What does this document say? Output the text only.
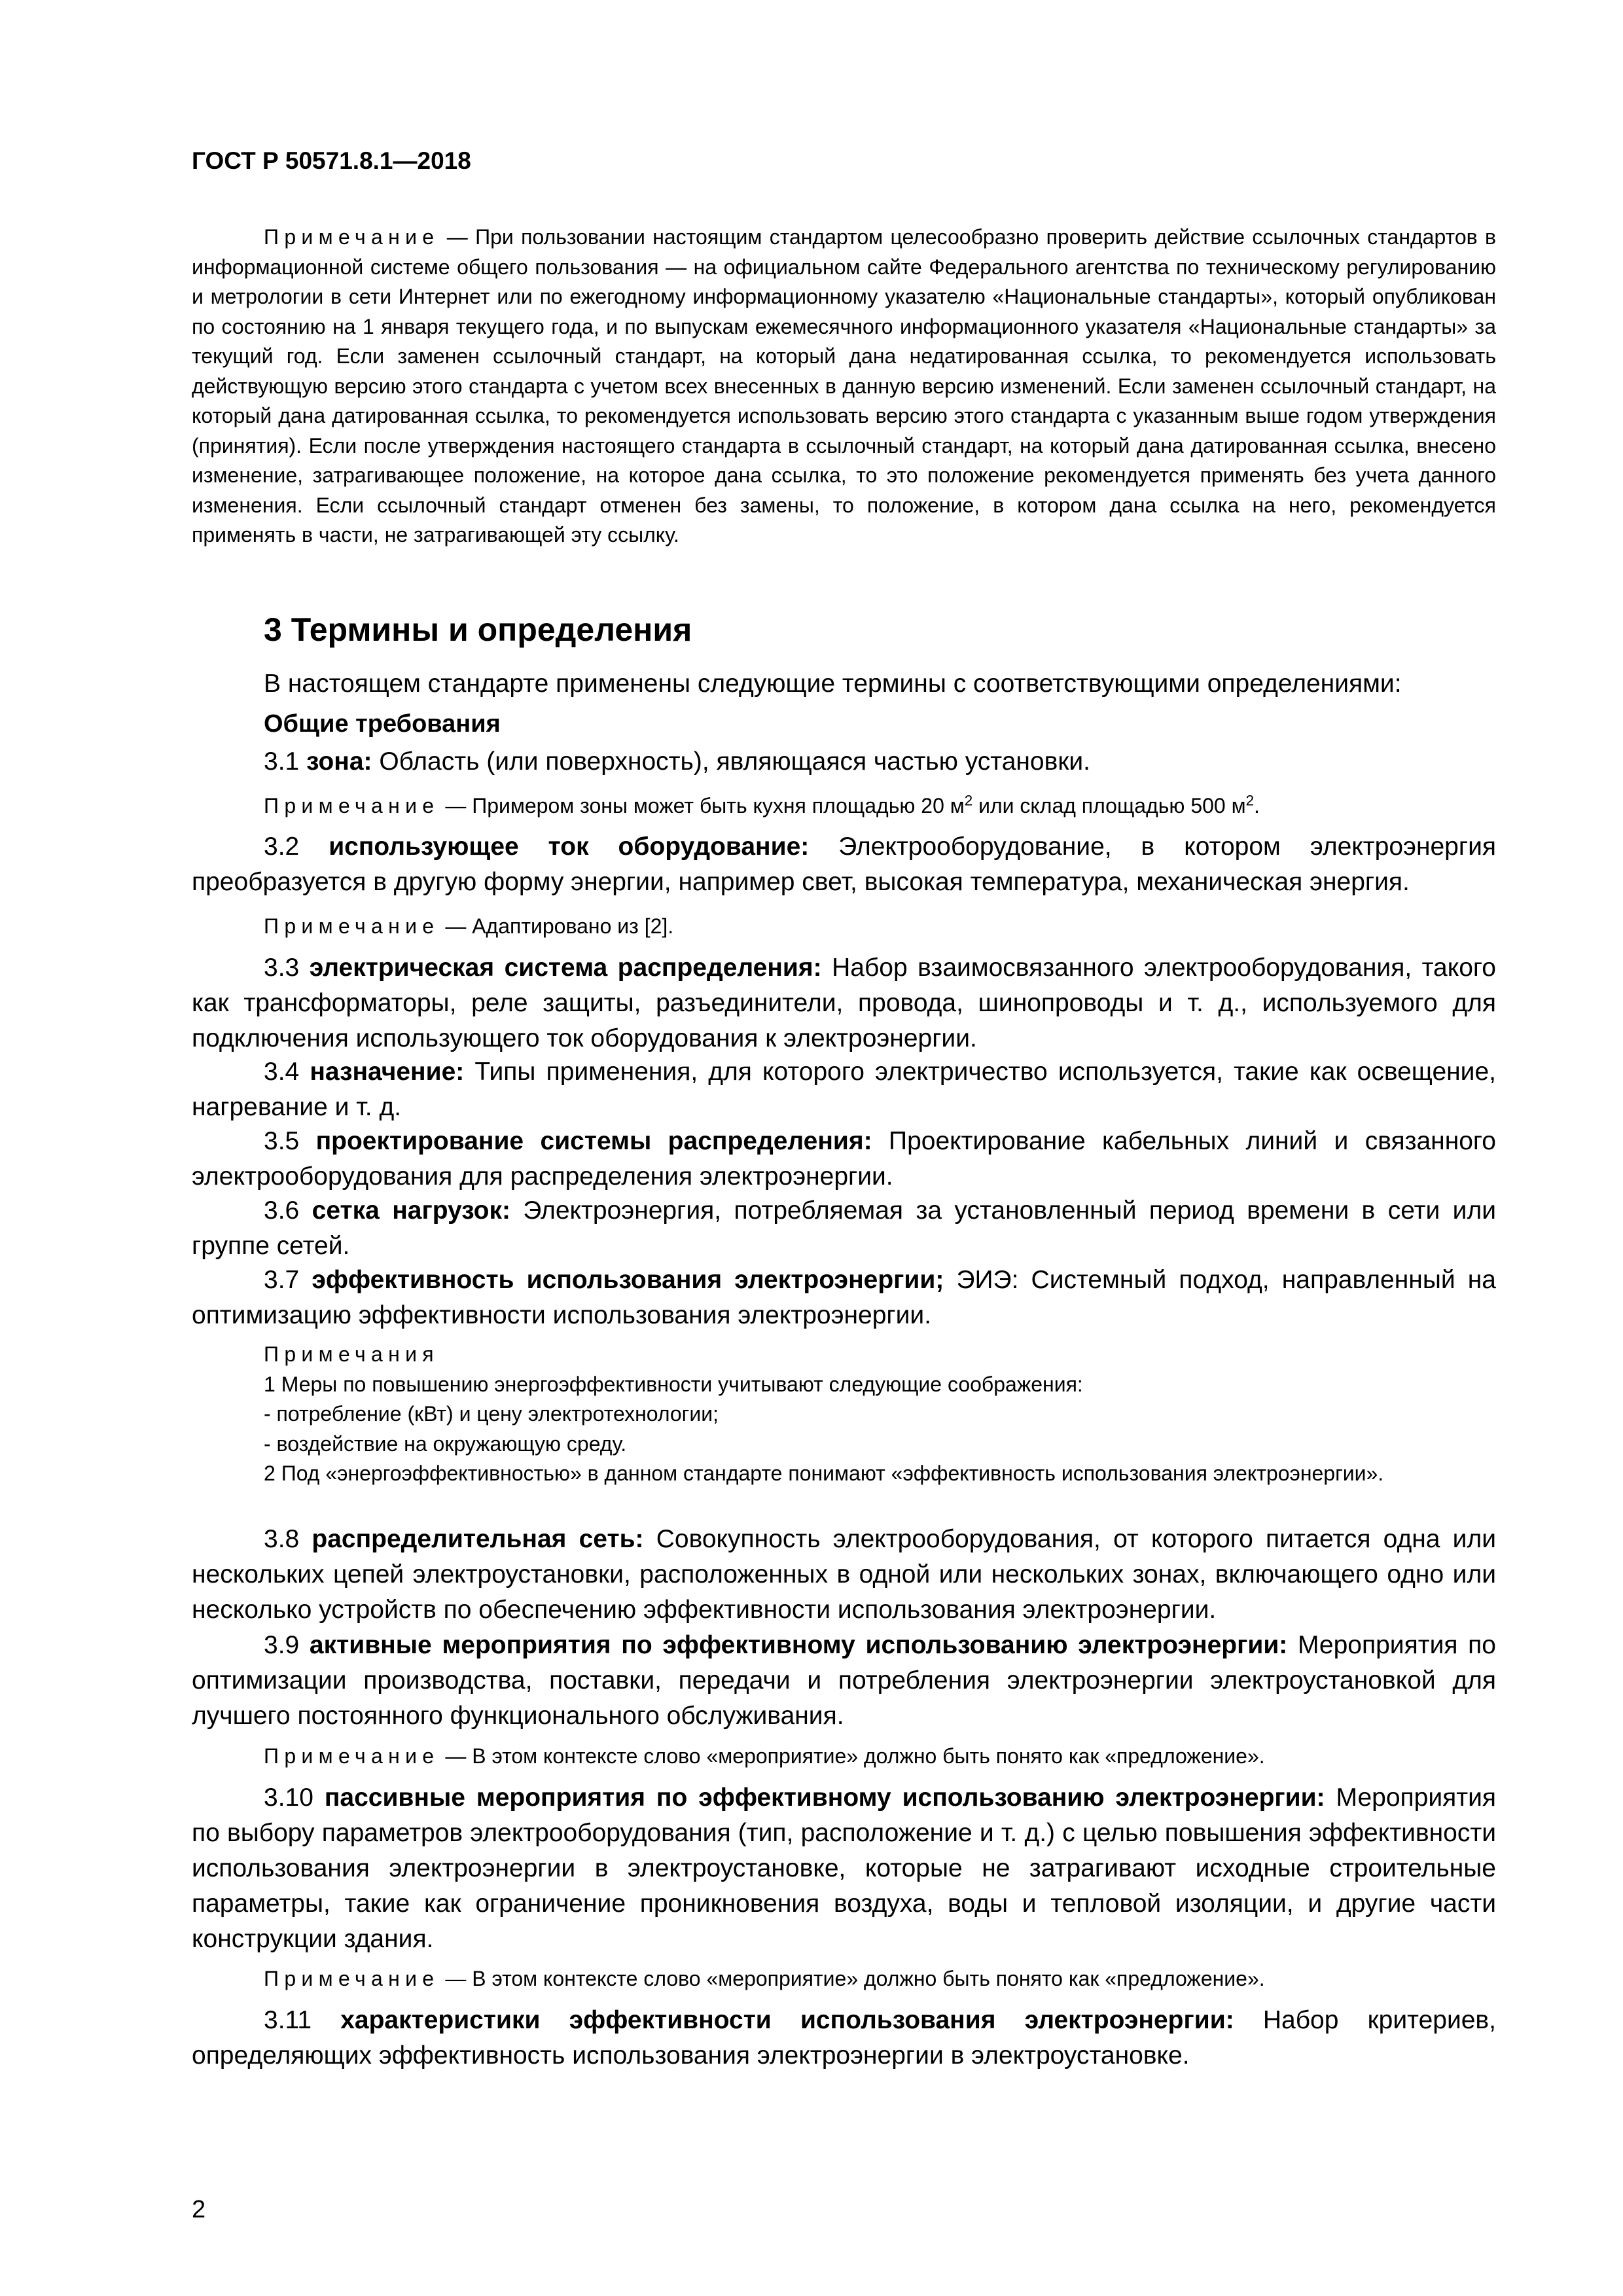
ГОСТ Р 50571.8.1—2018

Примечание — При пользовании настоящим стандартом целесообразно проверить действие ссылочных стандартов в информационной системе общего пользования — на официальном сайте Федерального агентства по техническому регулированию и метрологии в сети Интернет или по ежегодному информационному указателю «Национальные стандарты», который опубликован по состоянию на 1 января текущего года, и по выпускам ежемесячного информационного указателя «Национальные стандарты» за текущий год. Если заменен ссылочный стандарт, на который дана недатированная ссылка, то рекомендуется использовать действующую версию этого стандарта с учетом всех внесенных в данную версию изменений. Если заменен ссылочный стандарт, на который дана датированная ссылка, то рекомендуется использовать версию этого стандарта с указанным выше годом утверждения (принятия). Если после утверждения настоящего стандарта в ссылочный стандарт, на который дана датированная ссылка, внесено изменение, затрагивающее положение, на которое дана ссылка, то это положение рекомендуется применять без учета данного изменения. Если ссылочный стандарт отменен без замены, то положение, в котором дана ссылка на него, рекомендуется применять в части, не затрагивающей эту ссылку.

3 Термины и определения
В настоящем стандарте применены следующие термины с соответствующими определениями:
Общие требования
3.1 зона: Область (или поверхность), являющаяся частью установки.
Примечание — Примером зоны может быть кухня площадью 20 $м^2$ или склад площадью 500 $м^2$.

3.2 использующее ток оборудование: Электрооборудование, в котором электроэнергия преобразуется в другую форму энергии, например свет, высокая температура, механическая энергия.

Примечание — Адаптировано из [2].

3.3 электрическая система распределения: Набор взаимосвязанного электрооборудования, такого как трансформаторы, реле защиты, разъединители, провода, шинопроводы и т. д., используемого для подключения использующего ток оборудования к электроэнергии.

3.4 назначение: Типы применения, для которого электричество используется, такие как освещение, нагревание и т. д.

3.5 проектирование системы распределения: Проектирование кабельных линий и связанного электрооборудования для распределения электроэнергии.

3.6 сетка нагрузок: Электроэнергия, потребляемая за установленный период времени в сети или группе сетей.

3.7 эффективность использования электроэнергии; ЭИЭ: Системный подход, направленный на оптимизацию эффективности использования электроэнергии.

Примечания

1 Меры по повышению энергоэффективности учитывают следующие соображения:

- потребление (кВт) и цену электротехнологии;

- воздействие на окружающую среду.

2 Под «энергоэффективностью» в данном стандарте понимают «эффективность использования электроэнергии».

3.8 распределительная сеть: Совокупность электрооборудования, от которого питается одна или нескольких цепей электроустановки, расположенных в одной или нескольких зонах, включающего одно или несколько устройств по обеспечению эффективности использования электроэнергии.

3.9 активные мероприятия по эффективному использованию электроэнергии: Мероприятия по оптимизации производства, поставки, передачи и потребления электроэнергии электроустановкой для лучшего постоянного функционального обслуживания.

Примечание — В этом контексте слово «мероприятие» должно быть понято как «предложение».

3.10 пассивные мероприятия по эффективному использованию электроэнергии: Мероприятия по выбору параметров электрооборудования (тип, расположение и т. д.) с целью повышения эффективности использования электроэнергии в электроустановке, которые не затрагивают исходные строительные параметры, такие как ограничение проникновения воздуха, воды и тепловой изоляции, и другие части конструкции здания.

Примечание — В этом контексте слово «мероприятие» должно быть понято как «предложение».

3.11 характеристики эффективности использования электроэнергии: Набор критериев, определяющих эффективность использования электроэнергии в электроустановке.

2
